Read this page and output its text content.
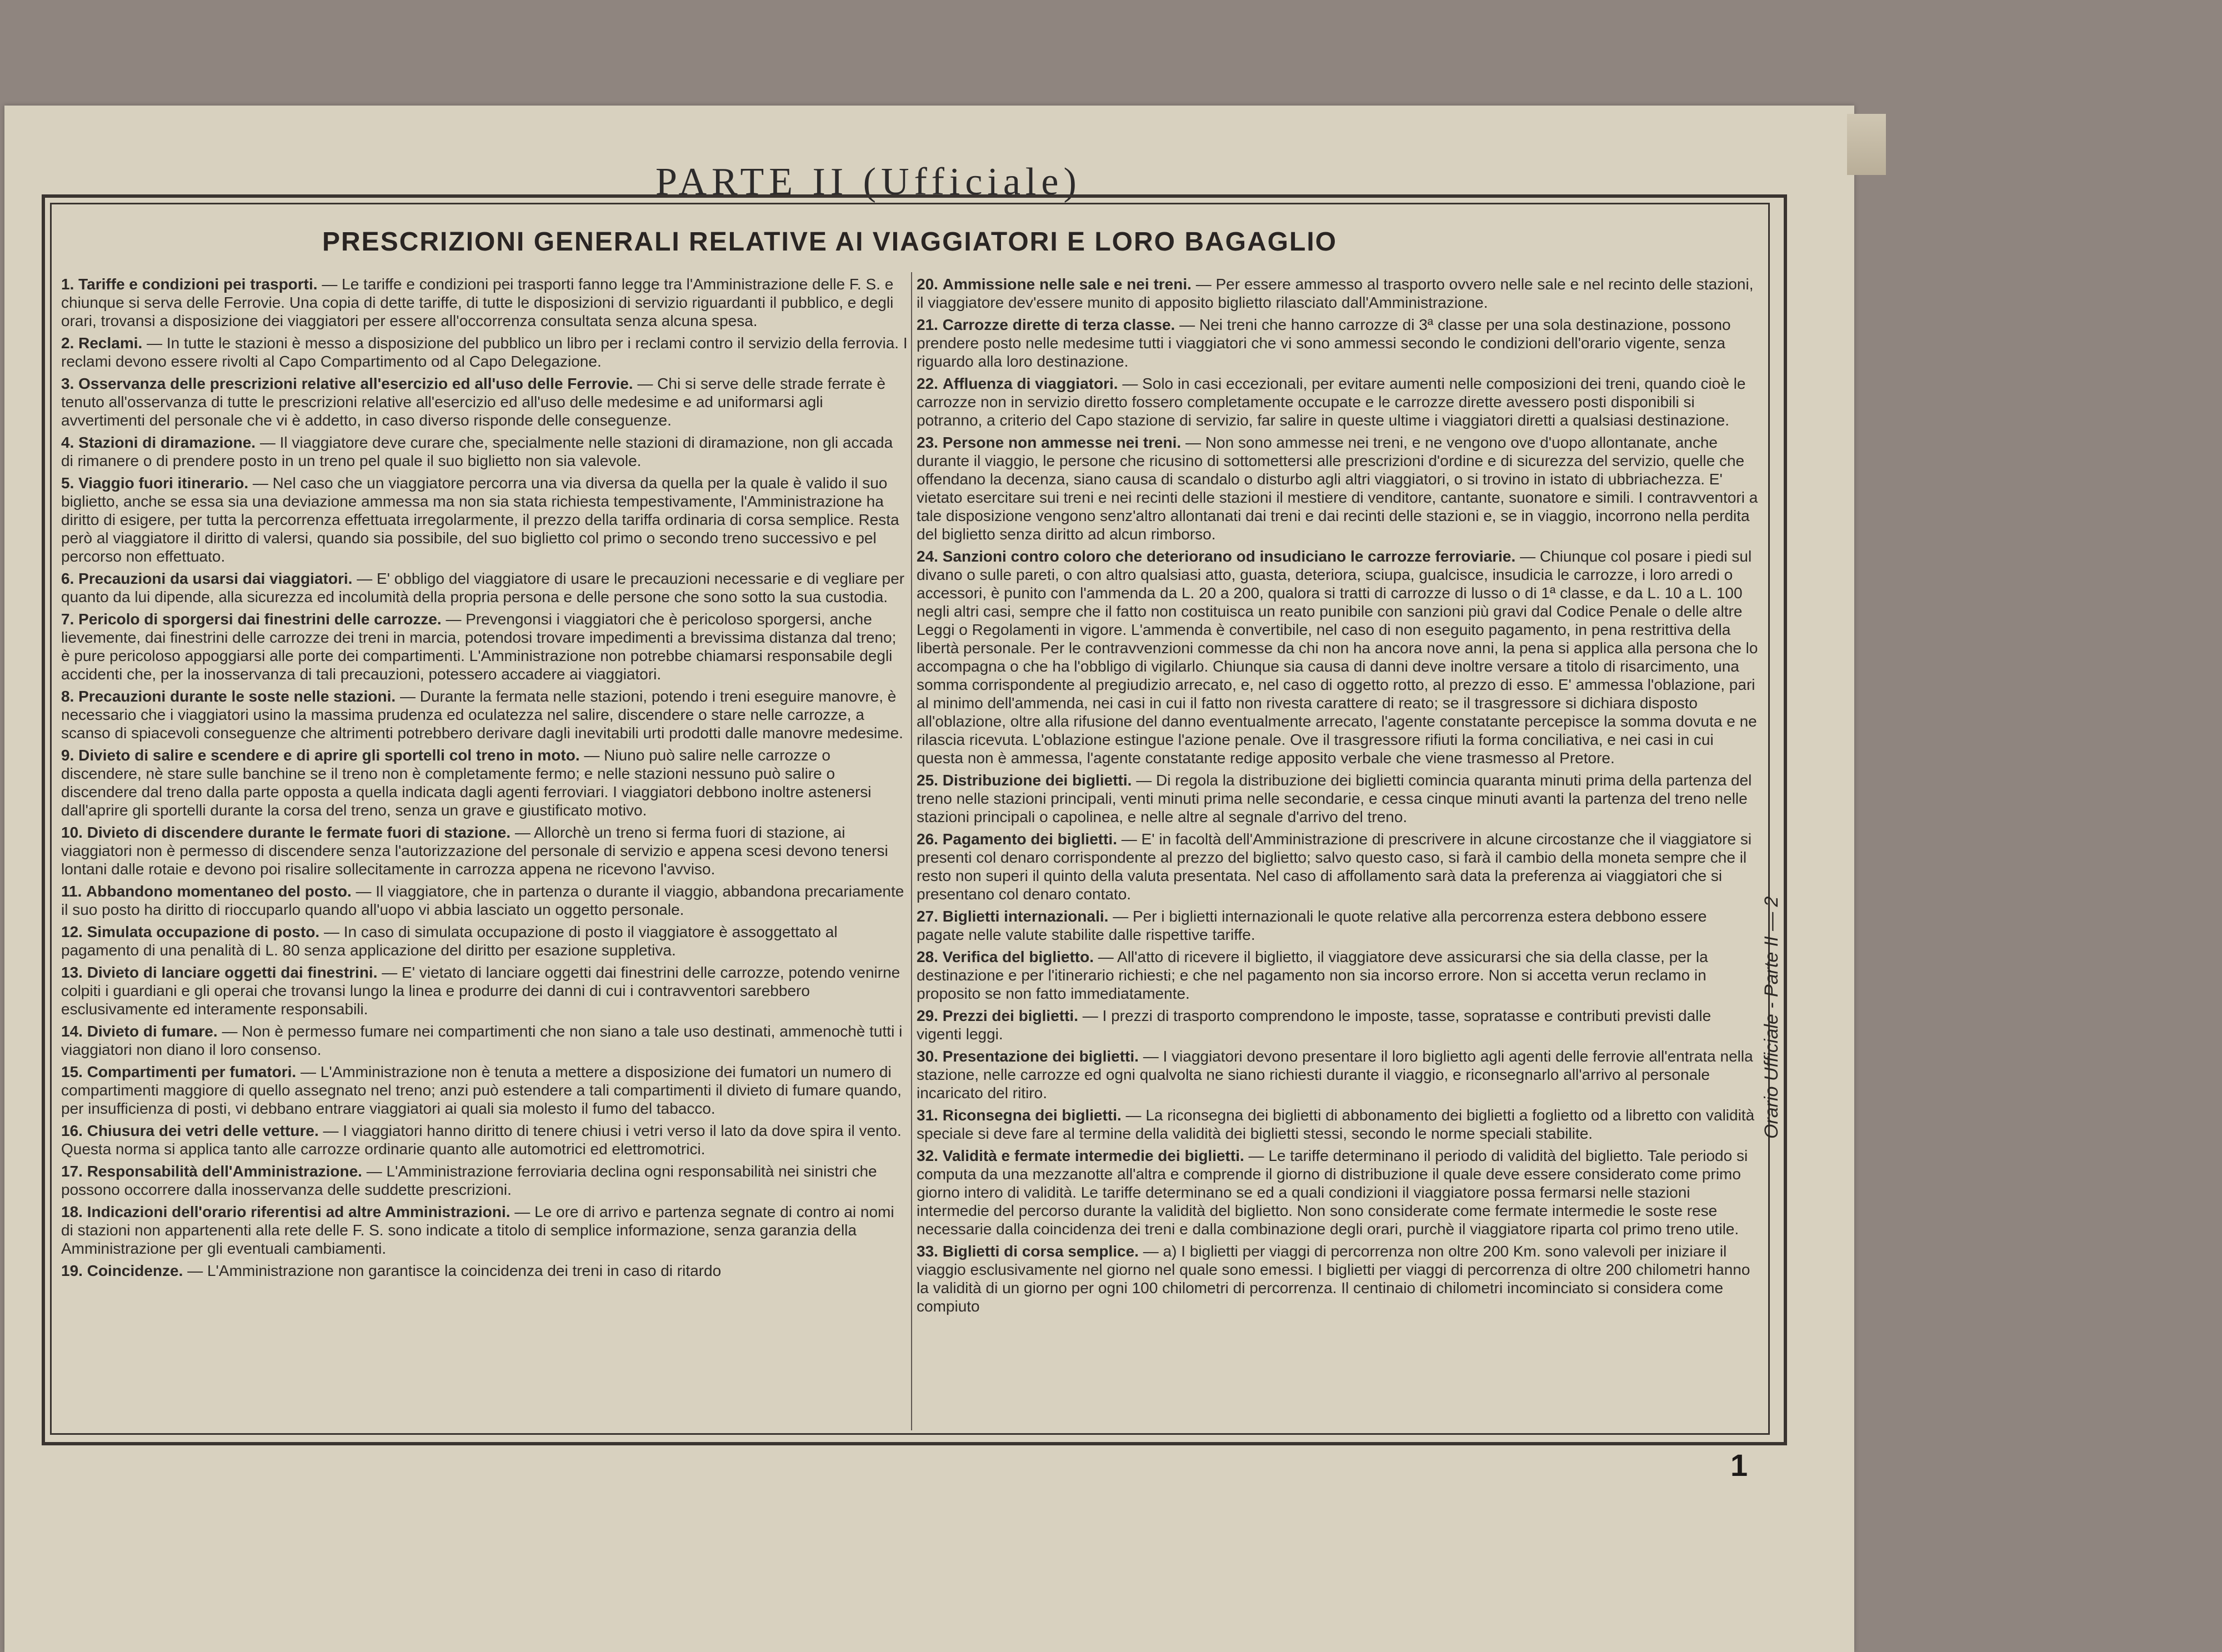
PARTE II (Ufficiale)
PRESCRIZIONI GENERALI RELATIVE AI VIAGGIATORI E LORO BAGAGLIO

1. Tariffe e condizioni pei trasporti. — Le tariffe e condizioni pei trasporti fanno legge tra l'Amministrazione delle F. S. e chiunque si serva delle Ferrovie. Una copia di dette tariffe, di tutte le disposizioni di servizio riguardanti il pubblico, e degli orari, trovansi a disposizione dei viaggiatori per essere all'occorrenza consultata senza alcuna spesa.

2. Reclami. — In tutte le stazioni è messo a disposizione del pubblico un libro per i reclami contro il servizio della ferrovia. I reclami devono essere rivolti al Capo Compartimento od al Capo Delegazione.

3. Osservanza delle prescrizioni relative all'esercizio ed all'uso delle Ferrovie. — Chi si serve delle strade ferrate è tenuto all'osservanza di tutte le prescrizioni relative all'esercizio ed all'uso delle medesime e ad uniformarsi agli avvertimenti del personale che vi è addetto, in caso diverso risponde delle conseguenze.

4. Stazioni di diramazione. — Il viaggiatore deve curare che, specialmente nelle stazioni di diramazione, non gli accada di rimanere o di prendere posto in un treno pel quale il suo biglietto non sia valevole.

5. Viaggio fuori itinerario. — Nel caso che un viaggiatore percorra una via diversa da quella per la quale è valido il suo biglietto, anche se essa sia una deviazione ammessa ma non sia stata richiesta tempestivamente, l'Amministrazione ha diritto di esigere, per tutta la percorrenza effettuata irregolarmente, il prezzo della tariffa ordinaria di corsa semplice. Resta però al viaggiatore il diritto di valersi, quando sia possibile, del suo biglietto col primo o secondo treno successivo e pel percorso non effettuato.

6. Precauzioni da usarsi dai viaggiatori. — E' obbligo del viaggiatore di usare le precauzioni necessarie e di vegliare per quanto da lui dipende, alla sicurezza ed incolumità della propria persona e delle persone che sono sotto la sua custodia.

7. Pericolo di sporgersi dai finestrini delle carrozze. — Prevengonsi i viaggiatori che è pericoloso sporgersi, anche lievemente, dai finestrini delle carrozze dei treni in marcia, potendosi trovare impedimenti a brevissima distanza dal treno; è pure pericoloso appoggiarsi alle porte dei compartimenti. L'Amministrazione non potrebbe chiamarsi responsabile degli accidenti che, per la inosservanza di tali precauzioni, potessero accadere ai viaggiatori.

8. Precauzioni durante le soste nelle stazioni. — Durante la fermata nelle stazioni, potendo i treni eseguire manovre, è necessario che i viaggiatori usino la massima prudenza ed oculatezza nel salire, discendere o stare nelle carrozze, a scanso di spiacevoli conseguenze che altrimenti potrebbero derivare dagli inevitabili urti prodotti dalle manovre medesime.

9. Divieto di salire e scendere e di aprire gli sportelli col treno in moto. — Niuno può salire nelle carrozze o discendere, nè stare sulle banchine se il treno non è completamente fermo; e nelle stazioni nessuno può salire o discendere dal treno dalla parte opposta a quella indicata dagli agenti ferroviari. I viaggiatori debbono inoltre astenersi dall'aprire gli sportelli durante la corsa del treno, senza un grave e giustificato motivo.

10. Divieto di discendere durante le fermate fuori di stazione. — Allorchè un treno si ferma fuori di stazione, ai viaggiatori non è permesso di discendere senza l'autorizzazione del personale di servizio e appena scesi devono tenersi lontani dalle rotaie e devono poi risalire sollecitamente in carrozza appena ne ricevono l'avviso.

11. Abbandono momentaneo del posto. — Il viaggiatore, che in partenza o durante il viaggio, abbandona precariamente il suo posto ha diritto di rioccuparlo quando all'uopo vi abbia lasciato un oggetto personale.

12. Simulata occupazione di posto. — In caso di simulata occupazione di posto il viaggiatore è assoggettato al pagamento di una penalità di L. 80 senza applicazione del diritto per esazione suppletiva.

13. Divieto di lanciare oggetti dai finestrini. — E' vietato di lanciare oggetti dai finestrini delle carrozze, potendo venirne colpiti i guardiani e gli operai che trovansi lungo la linea e produrre dei danni di cui i contravventori sarebbero esclusivamente ed interamente responsabili.

14. Divieto di fumare. — Non è permesso fumare nei compartimenti che non siano a tale uso destinati, ammenochè tutti i viaggiatori non diano il loro consenso.

15. Compartimenti per fumatori. — L'Amministrazione non è tenuta a mettere a disposizione dei fumatori un numero di compartimenti maggiore di quello assegnato nel treno; anzi può estendere a tali compartimenti il divieto di fumare quando, per insufficienza di posti, vi debbano entrare viaggiatori ai quali sia molesto il fumo del tabacco.

16. Chiusura dei vetri delle vetture. — I viaggiatori hanno diritto di tenere chiusi i vetri verso il lato da dove spira il vento. Questa norma si applica tanto alle carrozze ordinarie quanto alle automotrici ed elettromotrici.

17. Responsabilità dell'Amministrazione. — L'Amministrazione ferroviaria declina ogni responsabilità nei sinistri che possono occorrere dalla inosservanza delle suddette prescrizioni.

18. Indicazioni dell'orario riferentisi ad altre Amministrazioni. — Le ore di arrivo e partenza segnate di contro ai nomi di stazioni non appartenenti alla rete delle F. S. sono indicate a titolo di semplice informazione, senza garanzia della Amministrazione per gli eventuali cambiamenti.

19. Coincidenze. — L'Amministrazione non garantisce la coincidenza dei treni in caso di ritardo

20. Ammissione nelle sale e nei treni. — Per essere ammesso al trasporto ovvero nelle sale e nel recinto delle stazioni, il viaggiatore dev'essere munito di apposito biglietto rilasciato dall'Amministrazione.

21. Carrozze dirette di terza classe. — Nei treni che hanno carrozze di 3ª classe per una sola destinazione, possono prendere posto nelle medesime tutti i viaggiatori che vi sono ammessi secondo le condizioni dell'orario vigente, senza riguardo alla loro destinazione.

22. Affluenza di viaggiatori. — Solo in casi eccezionali, per evitare aumenti nelle composizioni dei treni, quando cioè le carrozze non in servizio diretto fossero completamente occupate e le carrozze dirette avessero posti disponibili si potranno, a criterio del Capo stazione di servizio, far salire in queste ultime i viaggiatori diretti a qualsiasi destinazione.

23. Persone non ammesse nei treni. — Non sono ammesse nei treni, e ne vengono ove d'uopo allontanate, anche durante il viaggio, le persone che ricusino di sottomettersi alle prescrizioni d'ordine e di sicurezza del servizio, quelle che offendano la decenza, siano causa di scandalo o disturbo agli altri viaggiatori, o si trovino in istato di ubbriachezza. E' vietato esercitare sui treni e nei recinti delle stazioni il mestiere di venditore, cantante, suonatore e simili. I contravventori a tale disposizione vengono senz'altro allontanati dai treni e dai recinti delle stazioni e, se in viaggio, incorrono nella perdita del biglietto senza diritto ad alcun rimborso.

24. Sanzioni contro coloro che deteriorano od insudiciano le carrozze ferroviarie. — Chiunque col posare i piedi sul divano o sulle pareti, o con altro qualsiasi atto, guasta, deteriora, sciupa, gualcisce, insudicia le carrozze, i loro arredi o accessori, è punito con l'ammenda da L. 20 a 200, qualora si tratti di carrozze di lusso o di 1ª classe, e da L. 10 a L. 100 negli altri casi, sempre che il fatto non costituisca un reato punibile con sanzioni più gravi dal Codice Penale o delle altre Leggi o Regolamenti in vigore. L'ammenda è convertibile, nel caso di non eseguito pagamento, in pena restrittiva della libertà personale. Per le contravvenzioni commesse da chi non ha ancora nove anni, la pena si applica alla persona che lo accompagna o che ha l'obbligo di vigilarlo. Chiunque sia causa di danni deve inoltre versare a titolo di risarcimento, una somma corrispondente al pregiudizio arrecato, e, nel caso di oggetto rotto, al prezzo di esso. E' ammessa l'oblazione, pari al minimo dell'ammenda, nei casi in cui il fatto non rivesta carattere di reato; se il trasgressore si dichiara disposto all'oblazione, oltre alla rifusione del danno eventualmente arrecato, l'agente constatante percepisce la somma dovuta e ne rilascia ricevuta. L'oblazione estingue l'azione penale. Ove il trasgressore rifiuti la forma conciliativa, e nei casi in cui questa non è ammessa, l'agente constatante redige apposito verbale che viene trasmesso al Pretore.

25. Distribuzione dei biglietti. — Di regola la distribuzione dei biglietti comincia quaranta minuti prima della partenza del treno nelle stazioni principali, venti minuti prima nelle secondarie, e cessa cinque minuti avanti la partenza del treno nelle stazioni principali o capolinea, e nelle altre al segnale d'arrivo del treno.

26. Pagamento dei biglietti. — E' in facoltà dell'Amministrazione di prescrivere in alcune circostanze che il viaggiatore si presenti col denaro corrispondente al prezzo del biglietto; salvo questo caso, si farà il cambio della moneta sempre che il resto non superi il quinto della valuta presentata. Nel caso di affollamento sarà data la preferenza ai viaggiatori che si presentano col denaro contato.

27. Biglietti internazionali. — Per i biglietti internazionali le quote relative alla percorrenza estera debbono essere pagate nelle valute stabilite dalle rispettive tariffe.

28. Verifica del biglietto. — All'atto di ricevere il biglietto, il viaggiatore deve assicurarsi che sia della classe, per la destinazione e per l'itinerario richiesti; e che nel pagamento non sia incorso errore. Non si accetta verun reclamo in proposito se non fatto immediatamente.

29. Prezzi dei biglietti. — I prezzi di trasporto comprendono le imposte, tasse, sopratasse e contributi previsti dalle vigenti leggi.

30. Presentazione dei biglietti. — I viaggiatori devono presentare il loro biglietto agli agenti delle ferrovie all'entrata nella stazione, nelle carrozze ed ogni qualvolta ne siano richiesti durante il viaggio, e riconsegnarlo all'arrivo al personale incaricato del ritiro.

31. Riconsegna dei biglietti. — La riconsegna dei biglietti di abbonamento dei biglietti a foglietto od a libretto con validità speciale si deve fare al termine della validità dei biglietti stessi, secondo le norme speciali stabilite.

32. Validità e fermate intermedie dei biglietti. — Le tariffe determinano il periodo di validità del biglietto. Tale periodo si computa da una mezzanotte all'altra e comprende il giorno di distribuzione il quale deve essere considerato come primo giorno intero di validità. Le tariffe determinano se ed a quali condizioni il viaggiatore possa fermarsi nelle stazioni intermedie del percorso durante la validità del biglietto. Non sono considerate come fermate intermedie le soste rese necessarie dalla coincidenza dei treni e dalla combinazione degli orari, purchè il viaggiatore riparta col primo treno utile.

33. Biglietti di corsa semplice. — a) I biglietti per viaggi di percorrenza non oltre 200 Km. sono valevoli per iniziare il viaggio esclusivamente nel giorno nel quale sono emessi. I biglietti per viaggi di percorrenza di oltre 200 chilometri hanno la validità di un giorno per ogni 100 chilometri di percorrenza. Il centinaio di chilometri incominciato si considera come compiuto

Orario Ufficiale - Parte II — 2
1
